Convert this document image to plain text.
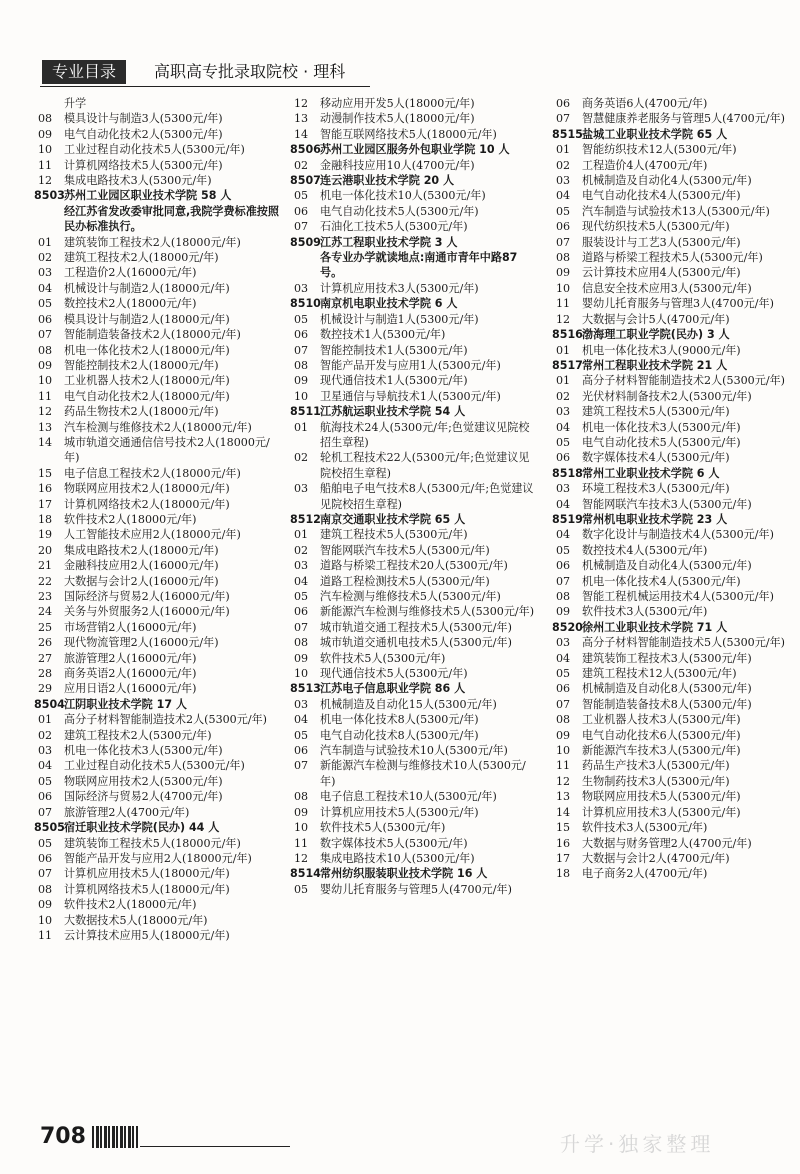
专业目录	高职高专批录取院校 · 理科
升学
08	模具设计与制造3人(5300元/年)
09	电气自动化技术2人(5300元/年)
10	工业过程自动化技术5人(5300元/年)
11	计算机网络技术5人(5300元/年)
12	集成电路技术3人(5300元/年)
8503 苏州工业园区职业技术学院 58 人
经江苏省发改委审批同意,我院学费标准按照民办标准执行。
01	建筑装饰工程技术2人(18000元/年)
02	建筑工程技术2人(18000元/年)
03	工程造价2人(16000元/年)
04	机械设计与制造2人(18000元/年)
05	数控技术2人(18000元/年)
06	模具设计与制造2人(18000元/年)
07	智能制造装备技术2人(18000元/年)
08	机电一体化技术2人(18000元/年)
09	智能控制技术2人(18000元/年)
10	工业机器人技术2人(18000元/年)
11	电气自动化技术2人(18000元/年)
12	药品生物技术2人(18000元/年)
13	汽车检测与维修技术2人(18000元/年)
14	城市轨道交通通信信号技术2人(18000元/年)
15	电子信息工程技术2人(18000元/年)
16	物联网应用技术2人(18000元/年)
17	计算机网络技术2人(18000元/年)
18	软件技术2人(18000元/年)
19	人工智能技术应用2人(18000元/年)
20	集成电路技术2人(18000元/年)
21	金融科技应用2人(16000元/年)
22	大数据与会计2人(16000元/年)
23	国际经济与贸易2人(16000元/年)
24	关务与外贸服务2人(16000元/年)
25	市场营销2人(16000元/年)
26	现代物流管理2人(16000元/年)
27	旅游管理2人(16000元/年)
28	商务英语2人(16000元/年)
29	应用日语2人(16000元/年)
8504 江阴职业技术学院 17 人
01	高分子材料智能制造技术2人(5300元/年)
02	建筑工程技术2人(5300元/年)
03	机电一体化技术3人(5300元/年)
04	工业过程自动化技术5人(5300元/年)
05	物联网应用技术2人(5300元/年)
06	国际经济与贸易2人(4700元/年)
07	旅游管理2人(4700元/年)
8505 宿迁职业技术学院(民办) 44 人
05	建筑装饰工程技术5人(18000元/年)
06	智能产品开发与应用2人(18000元/年)
07	计算机应用技术5人(18000元/年)
08	计算机网络技术5人(18000元/年)
09	软件技术2人(18000元/年)
10	大数据技术5人(18000元/年)
11	云计算技术应用5人(18000元/年)
12	移动应用开发5人(18000元/年)
13	动漫制作技术5人(18000元/年)
14	智能互联网络技术5人(18000元/年)
8506 苏州工业园区服务外包职业学院 10 人
02	金融科技应用10人(4700元/年)
8507 连云港职业技术学院 20 人
05	机电一体化技术10人(5300元/年)
06	电气自动化技术5人(5300元/年)
07	石油化工技术5人(5300元/年)
8509 江苏工程职业技术学院 3 人
各专业办学就读地点:南通市青年中路87号。
03	计算机应用技术3人(5300元/年)
8510 南京机电职业技术学院 6 人
05	机械设计与制造1人(5300元/年)
06	数控技术1人(5300元/年)
07	智能控制技术1人(5300元/年)
08	智能产品开发与应用1人(5300元/年)
09	现代通信技术1人(5300元/年)
10	卫星通信与导航技术1人(5300元/年)
8511 江苏航运职业技术学院 54 人
01	航海技术24人(5300元/年;色觉建议见院校招生章程)
02	轮机工程技术22人(5300元/年;色觉建议见院校招生章程)
03	船舶电子电气技术8人(5300元/年;色觉建议见院校招生章程)
8512 南京交通职业技术学院 65 人
01	建筑工程技术5人(5300元/年)
02	智能网联汽车技术5人(5300元/年)
03	道路与桥梁工程技术20人(5300元/年)
04	道路工程检测技术5人(5300元/年)
05	汽车检测与维修技术5人(5300元/年)
06	新能源汽车检测与维修技术5人(5300元/年)
07	城市轨道交通工程技术5人(5300元/年)
08	城市轨道交通机电技术5人(5300元/年)
09	软件技术5人(5300元/年)
10	现代通信技术5人(5300元/年)
8513 江苏电子信息职业学院 86 人
03	机械制造及自动化15人(5300元/年)
04	机电一体化技术8人(5300元/年)
05	电气自动化技术8人(5300元/年)
06	汽车制造与试验技术10人(5300元/年)
07	新能源汽车检测与维修技术10人(5300元/年)
08	电子信息工程技术10人(5300元/年)
09	计算机应用技术5人(5300元/年)
10	软件技术5人(5300元/年)
11	数字媒体技术5人(5300元/年)
12	集成电路技术10人(5300元/年)
8514 常州纺织服装职业技术学院 16 人
05	婴幼儿托育服务与管理5人(4700元/年)
06	商务英语6人(4700元/年)
07	智慧健康养老服务与管理5人(4700元/年)
8515 盐城工业职业技术学院 65 人
01	智能纺织技术12人(5300元/年)
02	工程造价4人(4700元/年)
03	机械制造及自动化4人(5300元/年)
04	电气自动化技术4人(5300元/年)
05	汽车制造与试验技术13人(5300元/年)
06	现代纺织技术5人(5300元/年)
07	服装设计与工艺3人(5300元/年)
08	道路与桥梁工程技术5人(5300元/年)
09	云计算技术应用4人(5300元/年)
10	信息安全技术应用3人(5300元/年)
11	婴幼儿托育服务与管理3人(4700元/年)
12	大数据与会计5人(4700元/年)
8516 渤海理工职业学院(民办) 3 人
01	机电一体化技术3人(9000元/年)
8517 常州工程职业技术学院 21 人
01	高分子材料智能制造技术2人(5300元/年)
02	光伏材料制备技术2人(5300元/年)
03	建筑工程技术5人(5300元/年)
04	机电一体化技术3人(5300元/年)
05	电气自动化技术5人(5300元/年)
06	数字媒体技术4人(5300元/年)
8518 常州工业职业技术学院 6 人
03	环境工程技术3人(5300元/年)
04	智能网联汽车技术3人(5300元/年)
8519 常州机电职业技术学院 23 人
04	数字化设计与制造技术4人(5300元/年)
05	数控技术4人(5300元/年)
06	机械制造及自动化4人(5300元/年)
07	机电一体化技术4人(5300元/年)
08	智能工程机械运用技术4人(5300元/年)
09	软件技术3人(5300元/年)
8520 徐州工业职业技术学院 71 人
03	高分子材料智能制造技术5人(5300元/年)
04	建筑装饰工程技术3人(5300元/年)
05	建筑工程技术12人(5300元/年)
06	机械制造及自动化8人(5300元/年)
07	智能制造装备技术8人(5300元/年)
08	工业机器人技术3人(5300元/年)
09	电气自动化技术6人(5300元/年)
10	新能源汽车技术3人(5300元/年)
11	药品生产技术3人(5300元/年)
12	生物制药技术3人(5300元/年)
13	物联网应用技术5人(5300元/年)
14	计算机应用技术3人(5300元/年)
15	软件技术3人(5300元/年)
16	大数据与财务管理2人(4700元/年)
17	大数据与会计2人(4700元/年)
18	电子商务2人(4700元/年)
708	升学·独家整理
